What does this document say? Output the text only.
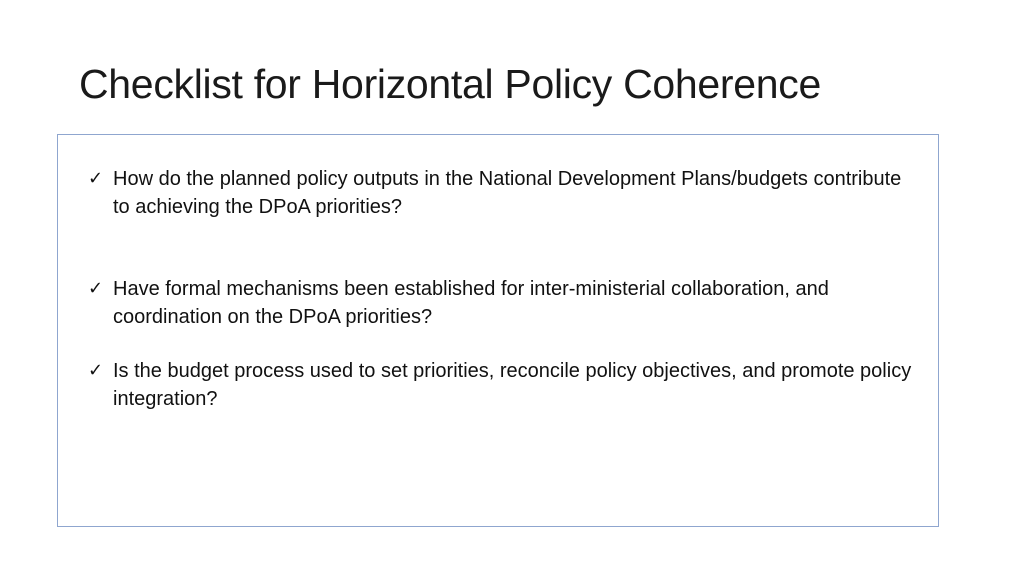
Checklist for Horizontal Policy Coherence
✓ How do the planned policy outputs in the National Development Plans/budgets contribute to achieving the DPoA priorities?
✓ Have formal mechanisms been established for inter-ministerial collaboration, and coordination on the DPoA priorities?
✓ Is the budget process used to set priorities, reconcile policy objectives, and promote policy integration?
